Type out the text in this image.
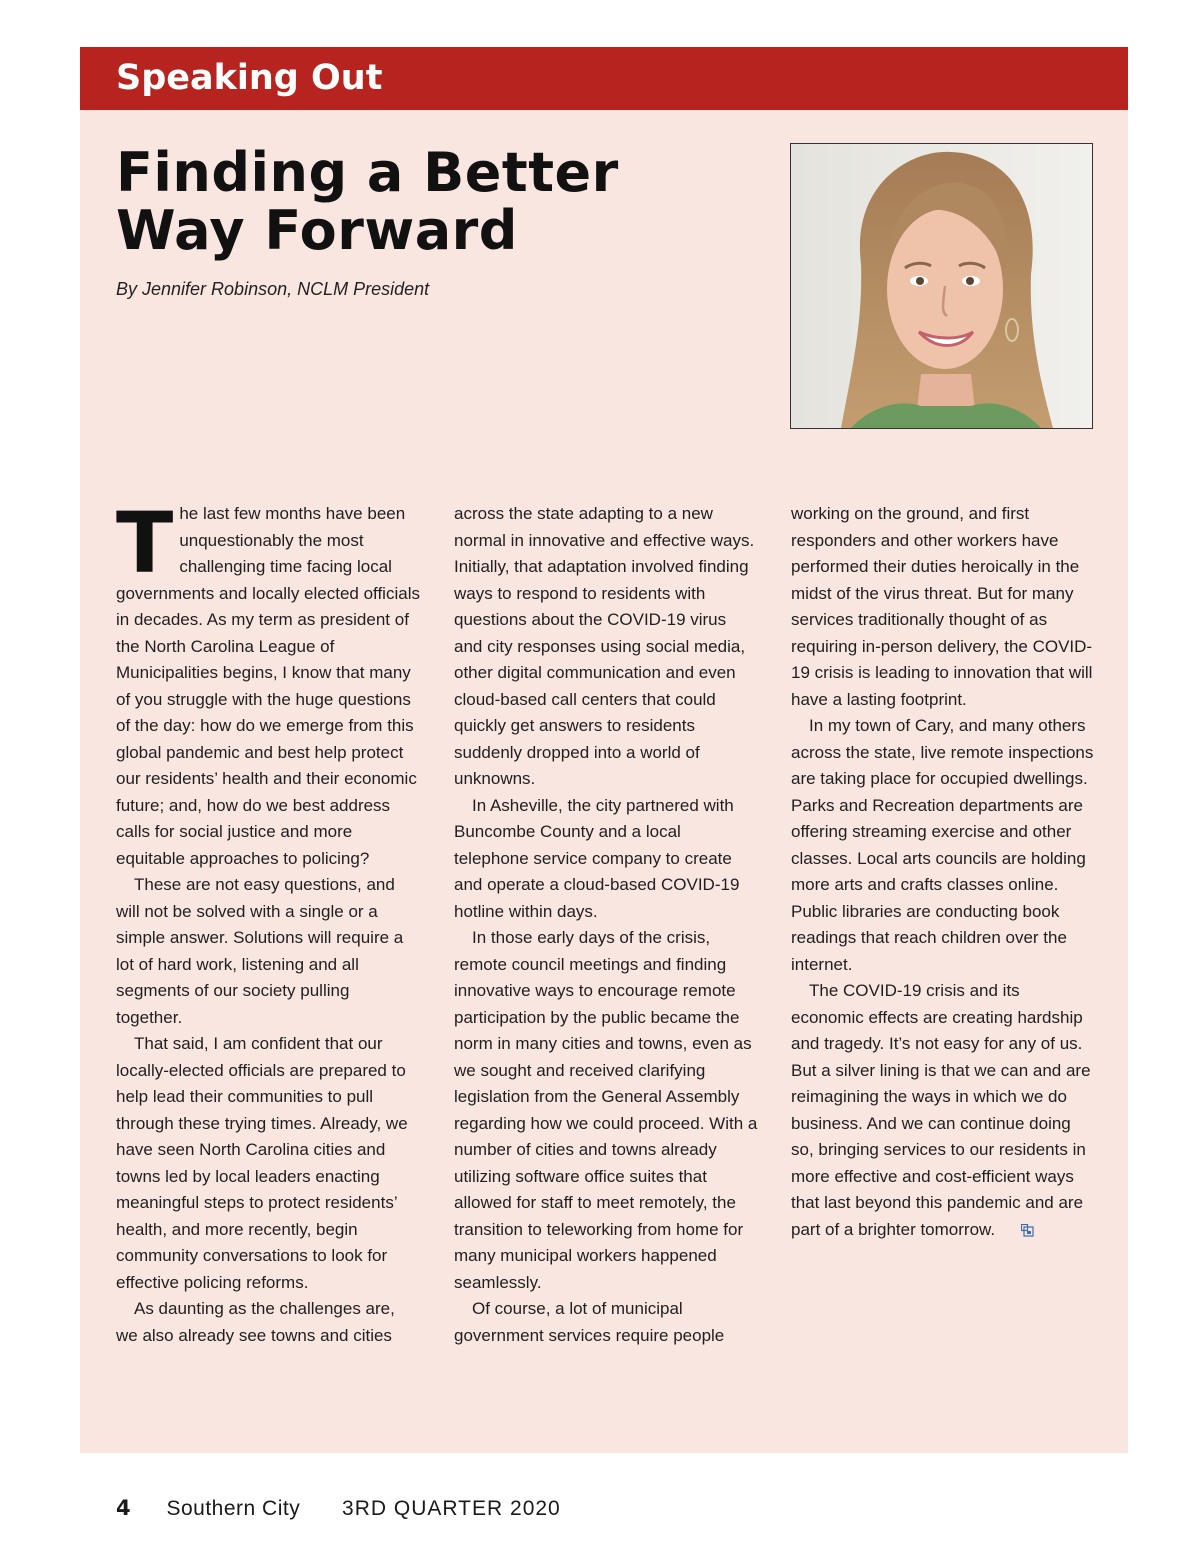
Speaking Out
Finding a Better
Way Forward
By Jennifer Robinson, NCLM President

The last few months have been unquestionably the most challenging time facing local governments and locally elected officials in decades. As my term as president of the North Carolina League of Municipalities begins, I know that many of you struggle with the huge questions of the day: how do we emerge from this global pandemic and best help protect our residents’ health and their economic future; and, how do we best address calls for social justice and more equitable approaches to policing?

These are not easy questions, and will not be solved with a single or a simple answer. Solutions will require a lot of hard work, listening and all segments of our society pulling together.

That said, I am confident that our locally-elected officials are prepared to help lead their communities to pull through these trying times. Already, we have seen North Carolina cities and towns led by local leaders enacting meaningful steps to protect residents’ health, and more recently, begin community conversations to look for effective policing reforms.

As daunting as the challenges are, we also already see towns and cities

across the state adapting to a new normal in innovative and effective ways. Initially, that adaptation involved finding ways to respond to residents with questions about the COVID-19 virus and city responses using social media, other digital communication and even cloud-based call centers that could quickly get answers to residents suddenly dropped into a world of unknowns.

In Asheville, the city partnered with Buncombe County and a local telephone service company to create and operate a cloud-based COVID-19 hotline within days.

In those early days of the crisis, remote council meetings and finding innovative ways to encourage remote participation by the public became the norm in many cities and towns, even as we sought and received clarifying legislation from the General Assembly regarding how we could proceed. With a number of cities and towns already utilizing software office suites that allowed for staff to meet remotely, the transition to teleworking from home for many municipal workers happened seamlessly.

Of course, a lot of municipal government services require people

working on the ground, and first responders and other workers have performed their duties heroically in the midst of the virus threat. But for many services traditionally thought of as requiring in-person delivery, the COVID-19 crisis is leading to innovation that will have a lasting footprint.

In my town of Cary, and many others across the state, live remote inspections are taking place for occupied dwellings. Parks and Recreation departments are offering streaming exercise and other classes. Local arts councils are holding more arts and crafts classes online. Public libraries are conducting book readings that reach children over the internet.

The COVID-19 crisis and its economic effects are creating hardship and tragedy. It’s not easy for any of us. But a silver lining is that we can and are reimagining the ways in which we do business. And we can continue doing so, bringing services to our residents in more effective and cost-efficient ways that last beyond this pandemic and are part of a brighter tomorrow.

4 Southern City 3RD QUARTER 2020
